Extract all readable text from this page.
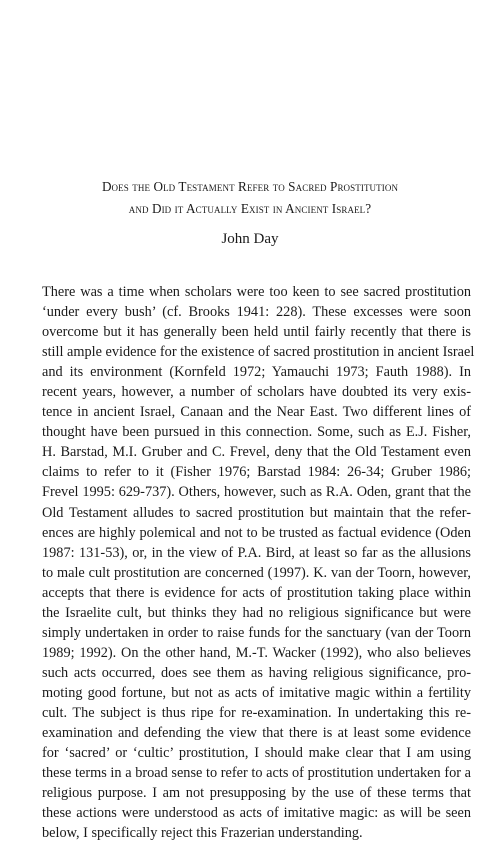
Does the Old Testament Refer to Sacred Prostitution
and Did it Actually Exist in Ancient Israel?
John Day
There was a time when scholars were too keen to see sacred prostitution
‘under every bush’ (cf. Brooks 1941: 228). These excesses were soon
overcome but it has generally been held until fairly recently that there is
still ample evidence for the existence of sacred prostitution in ancient Israel
and its environment (Kornfeld 1972; Yamauchi 1973; Fauth 1988). In
recent years, however, a number of scholars have doubted its very exis-
tence in ancient Israel, Canaan and the Near East. Two different lines of
thought have been pursued in this connection. Some, such as E.J. Fisher,
H. Barstad, M.I. Gruber and C. Frevel, deny that the Old Testament even
claims to refer to it (Fisher 1976; Barstad 1984: 26-34; Gruber 1986;
Frevel 1995: 629-737). Others, however, such as R.A. Oden, grant that the
Old Testament alludes to sacred prostitution but maintain that the refer-
ences are highly polemical and not to be trusted as factual evidence (Oden
1987: 131-53), or, in the view of P.A. Bird, at least so far as the allusions
to male cult prostitution are concerned (1997). K. van der Toorn, however,
accepts that there is evidence for acts of prostitution taking place within
the Israelite cult, but thinks they had no religious significance but were
simply undertaken in order to raise funds for the sanctuary (van der Toorn
1989; 1992). On the other hand, M.-T. Wacker (1992), who also believes
such acts occurred, does see them as having religious significance, pro-
moting good fortune, but not as acts of imitative magic within a fertility
cult. The subject is thus ripe for re-examination. In undertaking this re-
examination and defending the view that there is at least some evidence
for ‘sacred’ or ‘cultic’ prostitution, I should make clear that I am using
these terms in a broad sense to refer to acts of prostitution undertaken for a
religious purpose. I am not presupposing by the use of these terms that
these actions were understood as acts of imitative magic: as will be seen
below, I specifically reject this Frazerian understanding.
